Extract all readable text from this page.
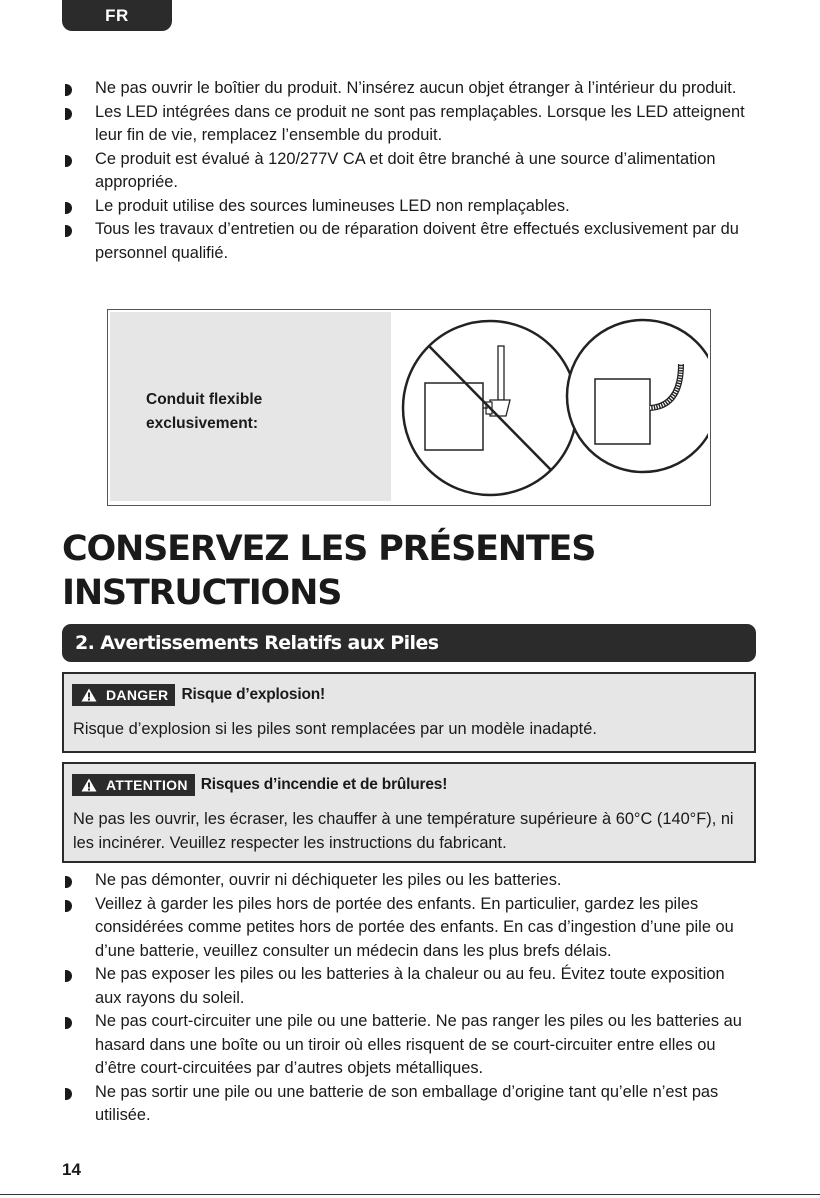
FR
Ne pas ouvrir le boîtier du produit. N’insérez aucun objet étranger à l’intérieur du produit.
Les LED intégrées dans ce produit ne sont pas remplaçables. Lorsque les LED atteignent leur fin de vie, remplacez l’ensemble du produit.
Ce produit est évalué à 120/277V CA et doit être branché à une source d’alimentation appropriée.
Le produit utilise des sources lumineuses LED non remplaçables.
Tous les travaux d’entretien ou de réparation doivent être effectués exclusivement par du personnel qualifié.
Conduit flexible
exclusivement:
CONSERVEZ LES PRÉSENTES
INSTRUCTIONS
2. Avertissements Relatifs aux Piles
DANGER Risque d’explosion!
Risque d’explosion si les piles sont remplacées par un modèle inadapté.
ATTENTION Risques d’incendie et de brûlures!
Ne pas les ouvrir, les écraser, les chauffer à une température supérieure à 60°C (140°F), ni les incinérer. Veuillez respecter les instructions du fabricant.
Ne pas démonter, ouvrir ni déchiqueter les piles ou les batteries.
Veillez à garder les piles hors de portée des enfants. En particulier, gardez les piles considérées comme petites hors de portée des enfants. En cas d’ingestion d’une pile ou d’une batterie, veuillez consulter un médecin dans les plus brefs délais.
Ne pas exposer les piles ou les batteries à la chaleur ou au feu. Évitez toute exposition aux rayons du soleil.
Ne pas court-circuiter une pile ou une batterie. Ne pas ranger les piles ou les batteries au hasard dans une boîte ou un tiroir où elles risquent de se court-circuiter entre elles ou d’être court-circuitées par d’autres objets métalliques.
Ne pas sortir une pile ou une batterie de son emballage d’origine tant qu’elle n’est pas utilisée.
14
